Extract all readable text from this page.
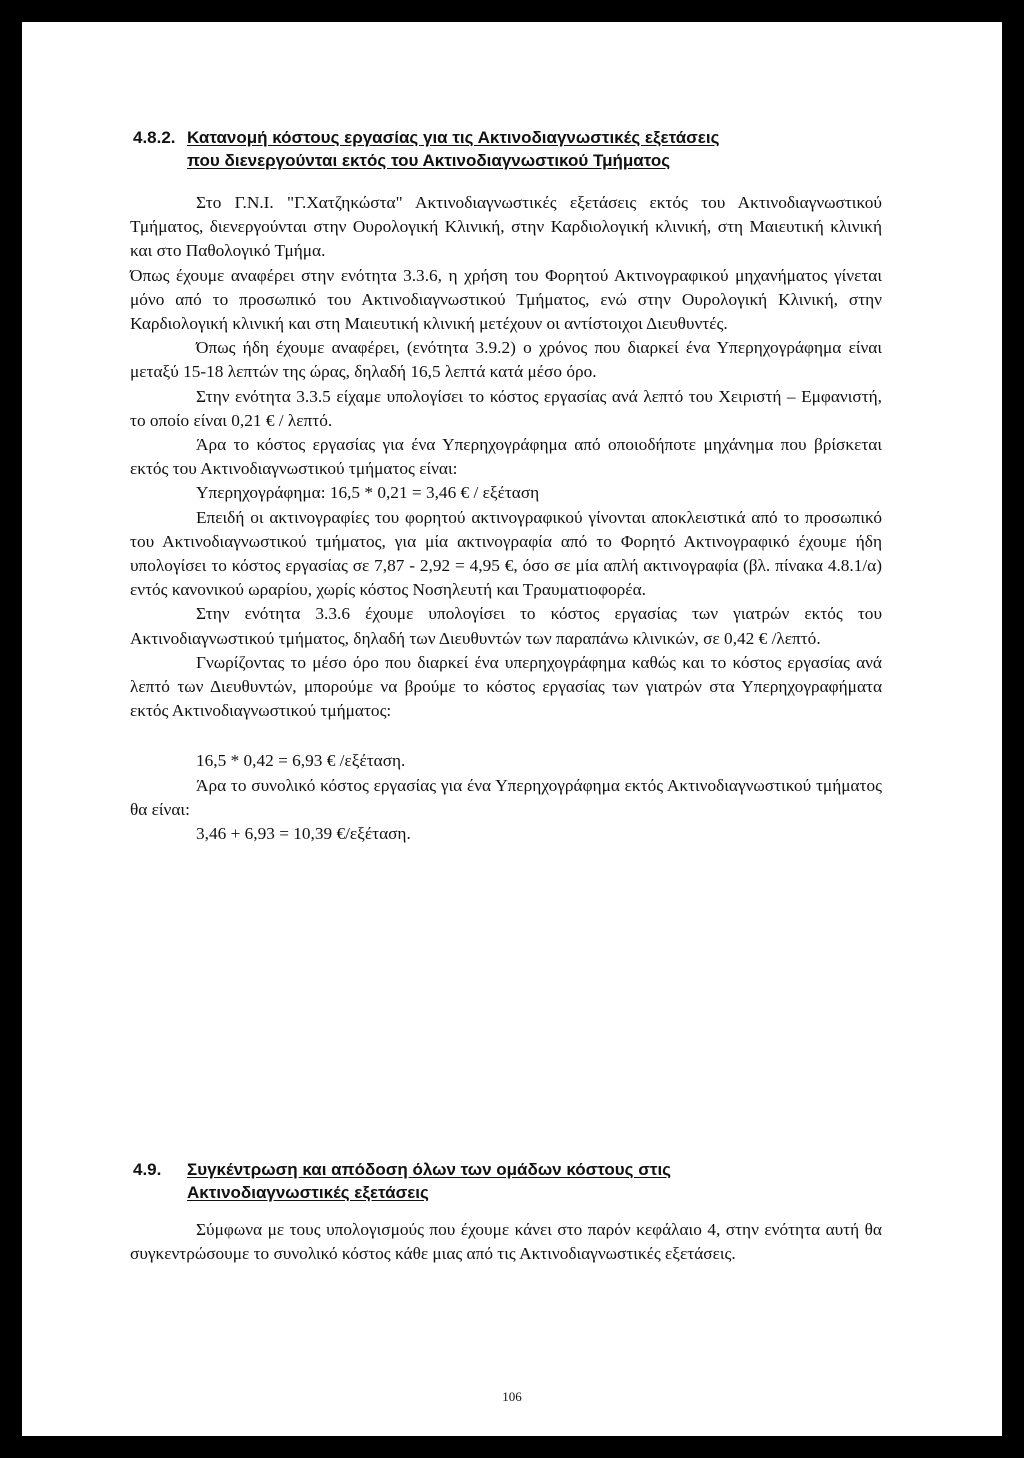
4.8.2. Κατανομή κόστους εργασίας για τις Ακτινοδιαγνωστικές εξετάσεις
που διενεργούνται εκτός του Ακτινοδιαγνωστικού Τμήματος

Στο Γ.Ν.Ι. "Γ.Χατζηκώστα" Ακτινοδιαγνωστικές εξετάσεις εκτός του Ακτινοδιαγνωστικού Τμήματος, διενεργούνται στην Ουρολογική Κλινική, στην Καρδιολογική κλινική, στη Μαιευτική κλινική και στο Παθολογικό Τμήμα.

Όπως έχουμε αναφέρει στην ενότητα 3.3.6, η χρήση του Φορητού Ακτινογραφικού μηχανήματος γίνεται μόνο από το προσωπικό του Ακτινοδιαγνωστικού Τμήματος, ενώ στην Ουρολογική Κλινική, στην Καρδιολογική κλινική και στη Μαιευτική κλινική μετέχουν οι αντίστοιχοι Διευθυντές.

Όπως ήδη έχουμε αναφέρει, (ενότητα 3.9.2) ο χρόνος που διαρκεί ένα Υπερηχογράφημα είναι μεταξύ 15-18 λεπτών της ώρας, δηλαδή 16,5 λεπτά κατά μέσο όρο.

Στην ενότητα 3.3.5 είχαμε υπολογίσει το κόστος εργασίας ανά λεπτό του Χειριστή – Εμφανιστή, το οποίο είναι 0,21 € / λεπτό.

Άρα το κόστος εργασίας για ένα Υπερηχογράφημα από οποιοδήποτε μηχάνημα που βρίσκεται εκτός του Ακτινοδιαγνωστικού τμήματος είναι:

Υπερηχογράφημα: 16,5 * 0,21 = 3,46 € / εξέταση

Επειδή οι ακτινογραφίες του φορητού ακτινογραφικού γίνονται αποκλειστικά από το προσωπικό του Ακτινοδιαγνωστικού τμήματος, για μία ακτινογραφία από το Φορητό Ακτινογραφικό έχουμε ήδη υπολογίσει το κόστος εργασίας σε 7,87 - 2,92 = 4,95 €, όσο σε μία απλή ακτινογραφία (βλ. πίνακα 4.8.1/α) εντός κανονικού ωραρίου, χωρίς κόστος Νοσηλευτή και Τραυματιοφορέα.

Στην ενότητα 3.3.6 έχουμε υπολογίσει το κόστος εργασίας των γιατρών εκτός του Ακτινοδιαγνωστικού τμήματος, δηλαδή των Διευθυντών των παραπάνω κλινικών, σε 0,42 € /λεπτό.

Γνωρίζοντας το μέσο όρο που διαρκεί ένα υπερηχογράφημα καθώς και το κόστος εργασίας ανά λεπτό των Διευθυντών, μπορούμε να βρούμε το κόστος εργασίας των γιατρών στα Υπερηχογραφήματα εκτός Ακτινοδιαγνωστικού τμήματος:

16,5 * 0,42 = 6,93 € /εξέταση.

Άρα το συνολικό κόστος εργασίας για ένα Υπερηχογράφημα εκτός Ακτινοδιαγνωστικού τμήματος θα είναι:

3,46 + 6,93 = 10,39 €/εξέταση.

4.9. Συγκέντρωση και απόδοση όλων των ομάδων κόστους στις
Ακτινοδιαγνωστικές εξετάσεις

Σύμφωνα με τους υπολογισμούς που έχουμε κάνει στο παρόν κεφάλαιο 4, στην ενότητα αυτή θα συγκεντρώσουμε το συνολικό κόστος κάθε μιας από τις Ακτινοδιαγνωστικές εξετάσεις.

106
